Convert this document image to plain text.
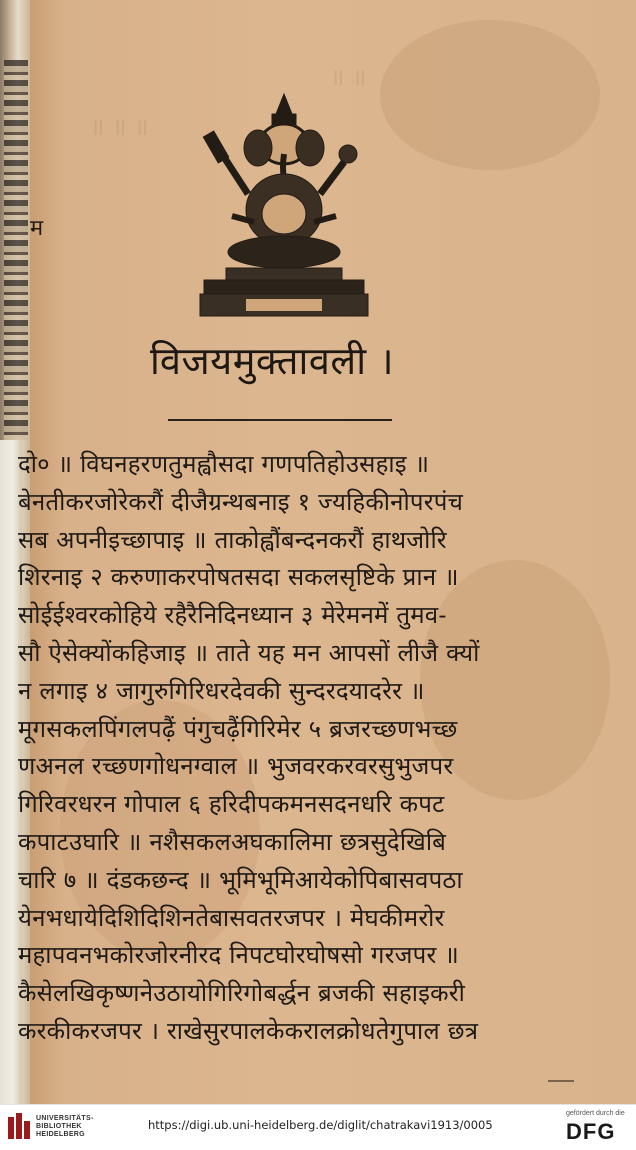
॥ ॥
॥ ॥ ॥
म
विजयमुक्तावली ।
दो० ॥ विघनहरणतुमह्वौसदा गणपतिहोउसहाइ ॥
बेनतीकरजोरेकरौं दीजैग्रन्थबनाइ १ ज्यहिकीनोपरपंच
सब अपनीइच्छापाइ ॥ ताकोह्वौंबन्दनकरौं हाथजोरि
शिरनाइ २ करुणाकरपोषतसदा सकलसृष्टिके प्रान ॥
सोईईश्वरकोहिये रहैरैनिदिनध्यान ३ मेरेमनमें तुमव-
सौ ऐसेक्योंकहिजाइ ॥ ताते यह मन आपसों लीजै क्यों
न लगाइ ४ जागुरुगिरिधरदेवकी सुन्दरदयादरेर ॥
मूगसकलपिंगलपढ़ैं पंगुचढ़ैंगिरिमेर ५ ब्रजरच्छणभच्छ
णअनल रच्छणगोधनग्वाल ॥ भुजवरकरवरसुभुजपर
गिरिवरधरन गोपाल ६ हरिदीपकमनसदनधरि कपट
कपाटउघारि ॥ नशैसकलअघकालिमा छत्रसुदेखिबि
चारि ७ ॥ दंडकछन्द ॥ भूमिभूमिआयेकोपिबासवपठा
येनभधायेदिशिदिशिनतेबासवतरजपर । मेघकीमरोर
महापवनभकोरजोरनीरद निपटघोरघोषसो गरजपर ॥
कैसेलखिकृष्णनेउठायोगिरिगोबर्द्धन ब्रजकी सहाइकरी
करकीकरजपर । राखेसुरपालकेकरालक्रोधतेगुपाल छत्र
UNIVERSITÄTS-
BIBLIOTHEK
HEIDELBERG
https://digi.ub.uni-heidelberg.de/diglit/chatrakavi1913/0005
gefördert durch die
DFG
